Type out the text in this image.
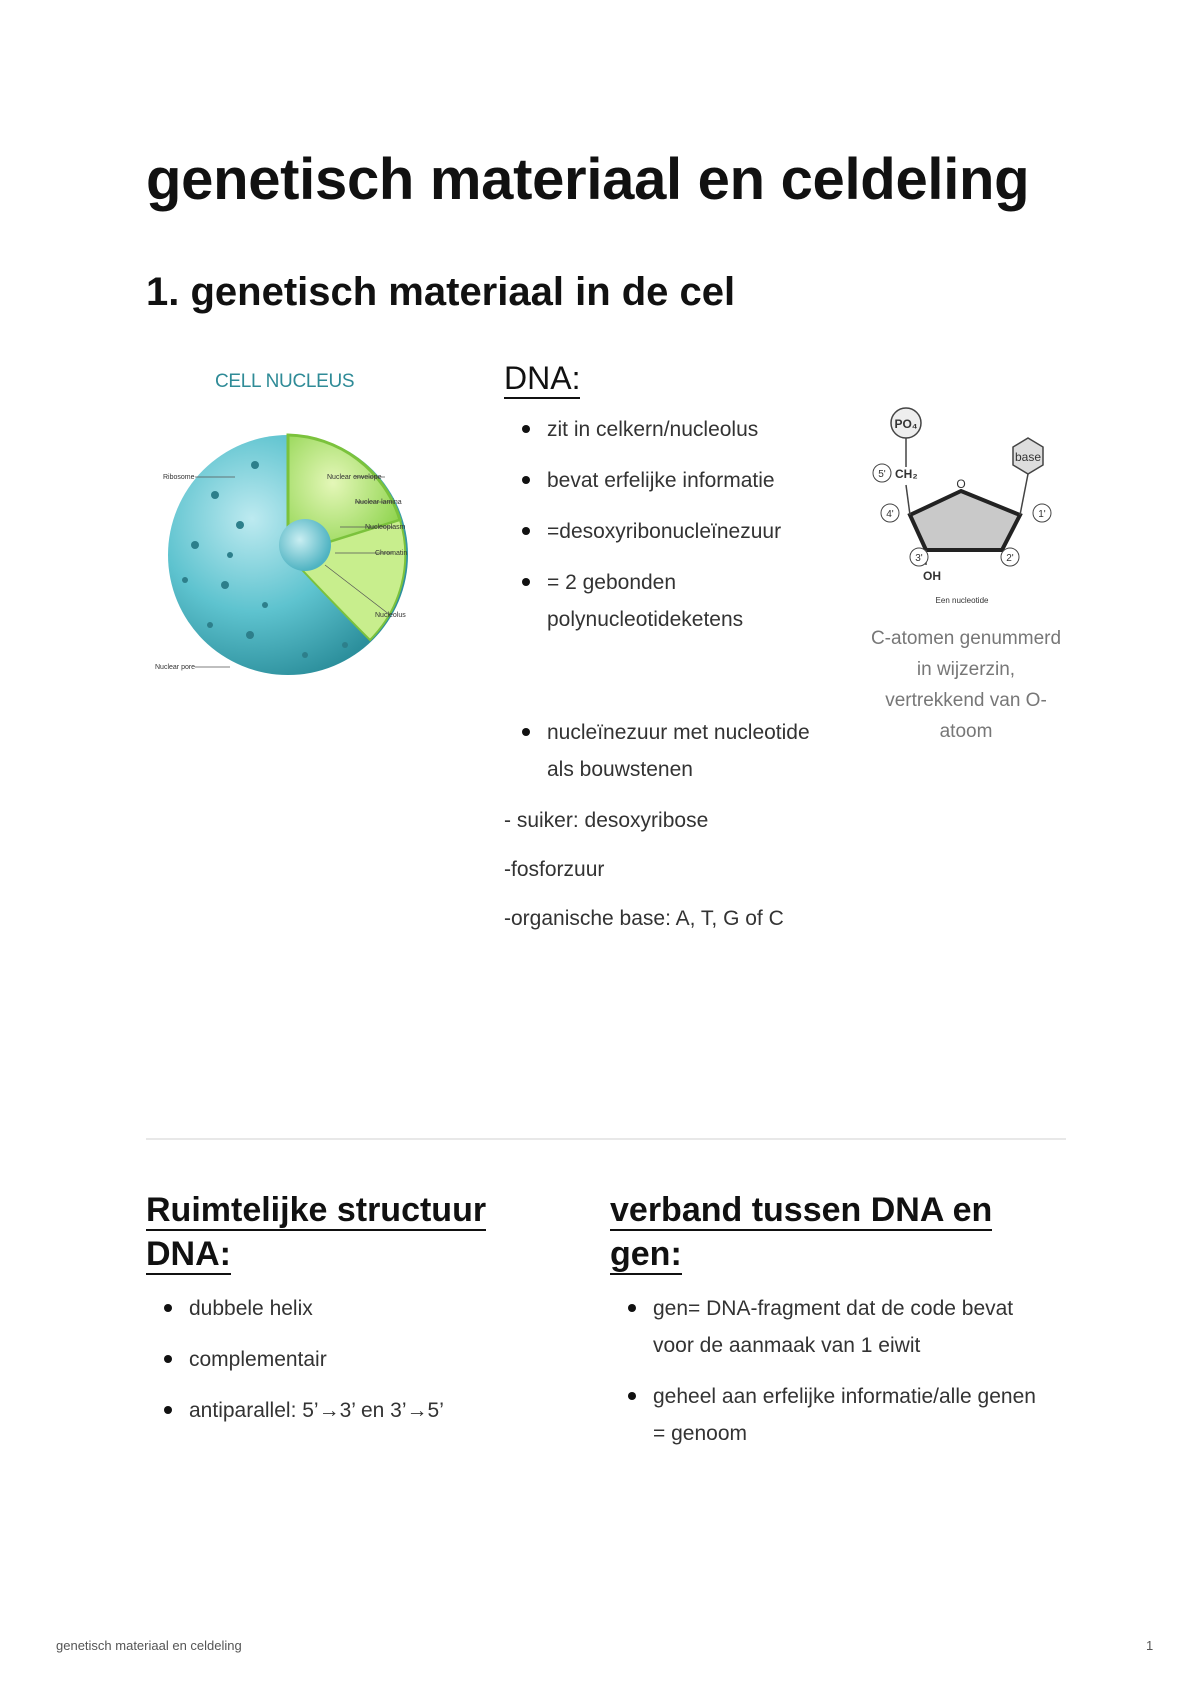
genetisch materiaal en celdeling
1. genetisch materiaal in de cel
CELL NUCLEUS
Ribosome	Nuclear envelope
Nuclear lamina
Nucleoplasm
Chromatin
Nucleolus
Nuclear pore
DNA:
zit in celkern/nucleolus
bevat erfelijke informatie
=desoxyribonucleïnezuur
= 2 gebonden polynucleotideketens
nucleïnezuur met nucleotide als bouwstenen

- suiker: desoxyribose

-fosforzuur

-organische base: A, T, G of C

PO₄
base
5' CH₂
O
4'	1'
3'	2'
OH
Een nucleotide
C-atomen genummerd in wijzerzin, vertrekkend van O-atoom
Ruimtelijke structuur DNA:
dubbele helix
complementair
antiparallel: 5’→3’ en 3’→5’
verband tussen DNA en gen:
gen= DNA-fragment dat de code bevat voor de aanmaak van 1 eiwit
geheel aan erfelijke informatie/alle genen = genoom
genetisch materiaal en celdeling	1
